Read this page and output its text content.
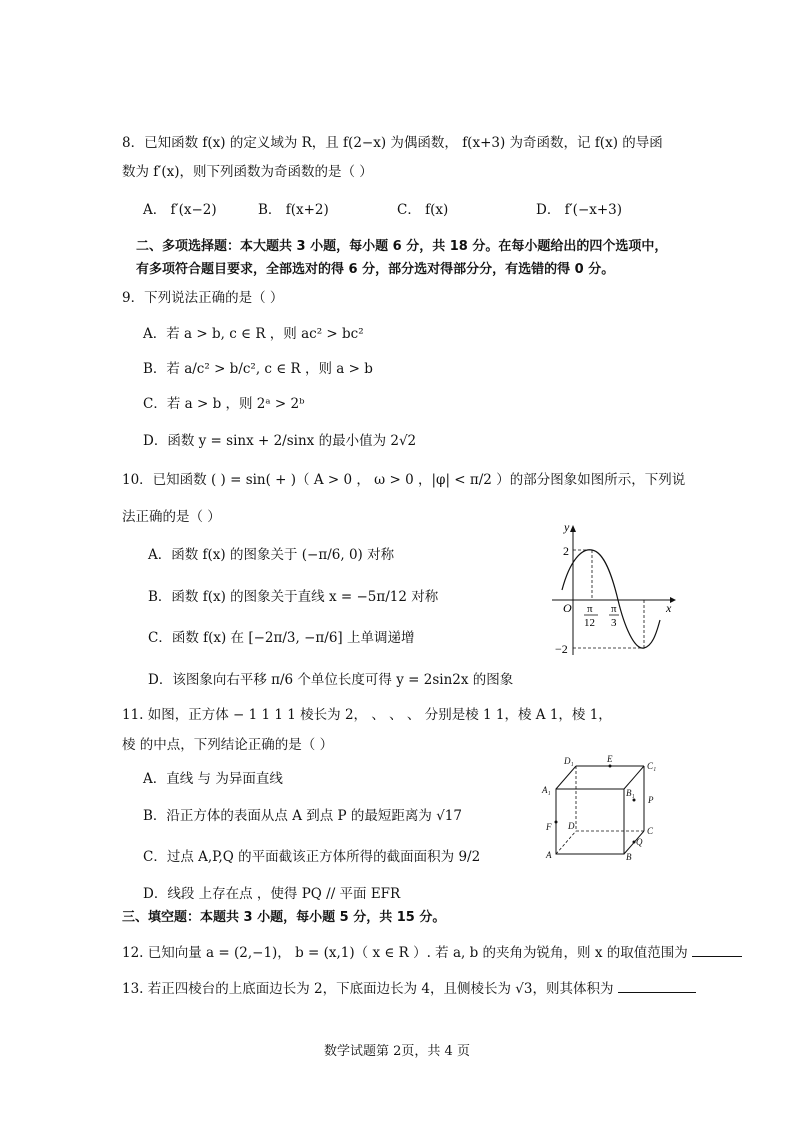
8．已知函数 f(x) 的定义域为 R，且 f(2−x) 为偶函数， f(x+3) 为奇函数，记 f(x) 的导函
数为 f′(x)，则下列函数为奇函数的是（ ）
A． f′(x−2)	B． f(x+2)	C． f(x)	D． f′(−x+3)
二、多项选择题：本大题共 3 小题，每小题 6 分，共 18 分。在每小题给出的四个选项中，
有多项符合题目要求，全部选对的得 6 分，部分选对得部分分，有选错的得 0 分。
9．下列说法正确的是（ ）
A．若 a > b, c ∈ R ，则 ac² > bc²
B．若 a/c² > b/c², c ∈ R ，则 a > b
C．若 a > b ，则 2ᵃ > 2ᵇ
D．函数 y = sinx + 2/sinx 的最小值为 2√2
10．已知函数 ( ) = sin( + )（ A > 0 ， ω > 0 ，|φ| < π/2 ）的部分图象如图所示，下列说
法正确的是（ ）
A．函数 f(x) 的图象关于 (−π/6, 0) 对称
B．函数 f(x) 的图象关于直线 x = −5π/12 对称
C．函数 f(x) 在 [−2π/3, −π/6] 上单调递增
D．该图象向右平移 π/6 个单位长度可得 y = 2sin2x 的图象
y
x
O
2
−2
π
12
π
3
11. 如图，正方体 − 1 1 1 1 棱长为 2， 、 、 、 分别是棱 1 1，棱 A 1，棱 1，
棱 的中点，下列结论正确的是（ ）
A．直线 与 为异面直线
B．沿正方体的表面从点 A 到点 P 的最短距离为 √17
C．过点 A,P,Q 的平面截该正方体所得的截面面积为 9/2
D．线段 上存在点 ，使得 PQ // 平面 EFR
D₁	E
C₁
A₁	B₁
P
F D	C
Q
A	B
三、填空题：本题共 3 小题，每小题 5 分，共 15 分。
12. 已知向量 a = (2,−1)， b = (x,1)（ x ∈ R ）. 若 a, b 的夹角为锐角，则 x 的取值范围为
13. 若正四棱台的上底面边长为 2，下底面边长为 4，且侧棱长为 √3，则其体积为
数学试题第 2页，共 4 页
